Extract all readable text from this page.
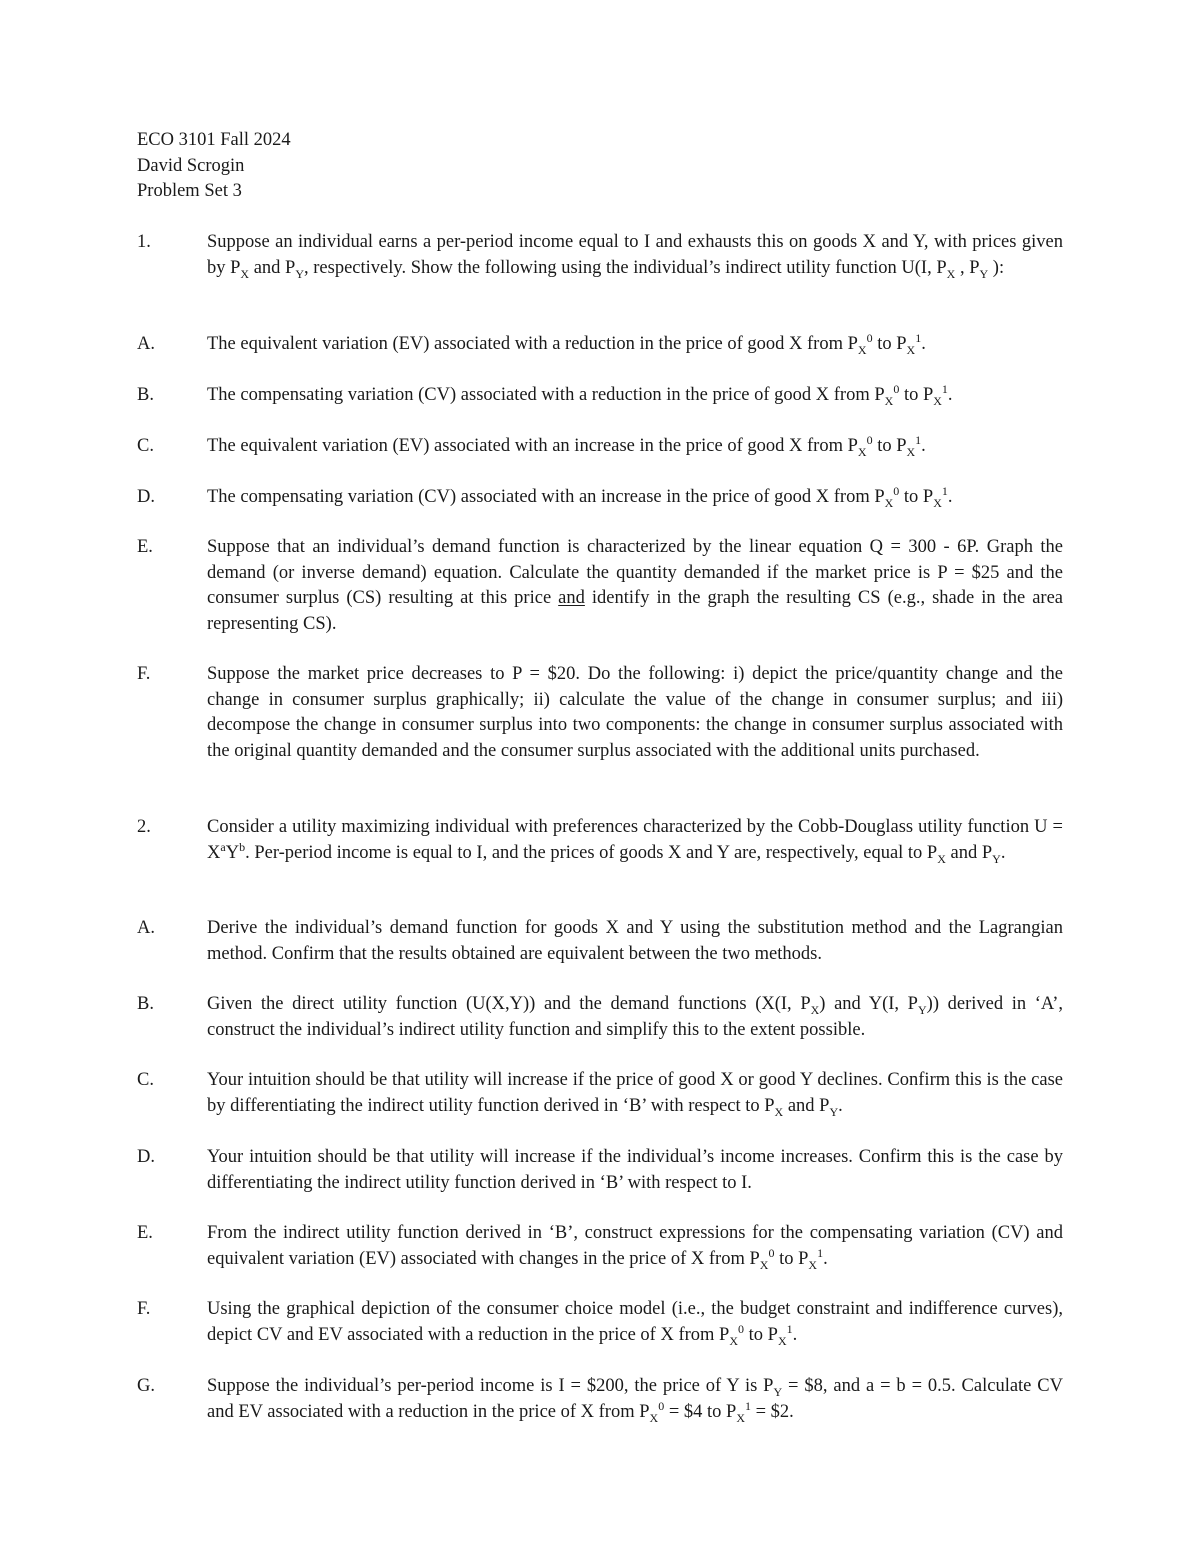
ECO 3101 Fall 2024
David Scrogin
Problem Set 3
1.	Suppose an individual earns a per-period income equal to I and exhausts this on goods X and Y, with prices given by $P_X$ and $P_Y$, respectively. Show the following using the individual’s indirect utility function U(I, $P_X$ , $P_Y$ ):
A.	The equivalent variation (EV) associated with a reduction in the price of good X from $P_X^0$ to $P_X^1$.
B.	The compensating variation (CV) associated with a reduction in the price of good X from $P_X^0$ to $P_X^1$.
C.	The equivalent variation (EV) associated with an increase in the price of good X from $P_X^0$ to $P_X^1$.
D.	The compensating variation (CV) associated with an increase in the price of good X from $P_X^0$ to $P_X^1$.
E.	Suppose that an individual’s demand function is characterized by the linear equation Q = 300 - 6P. Graph the demand (or inverse demand) equation. Calculate the quantity demanded if the market price is P = $25 and the consumer surplus (CS) resulting at this price and identify in the graph the resulting CS (e.g., shade in the area representing CS).
F.	Suppose the market price decreases to P = $20. Do the following: i) depict the price/quantity change and the change in consumer surplus graphically; ii) calculate the value of the change in consumer surplus; and iii) decompose the change in consumer surplus into two components: the change in consumer surplus associated with the original quantity demanded and the consumer surplus associated with the additional units purchased.
2.	Consider a utility maximizing individual with preferences characterized by the Cobb-Douglass utility function $U = X^aY^b$. Per-period income is equal to I, and the prices of goods X and Y are, respectively, equal to $P_X$ and $P_Y$.
A.	Derive the individual’s demand function for goods X and Y using the substitution method and the Lagrangian method. Confirm that the results obtained are equivalent between the two methods.
B.	Given the direct utility function (U(X,Y)) and the demand functions (X(I, $P_X$) and Y(I, $P_Y$)) derived in ‘A’, construct the individual’s indirect utility function and simplify this to the extent possible.
C.	Your intuition should be that utility will increase if the price of good X or good Y declines. Confirm this is the case by differentiating the indirect utility function derived in ‘B’ with respect to $P_X$ and $P_Y$.
D.	Your intuition should be that utility will increase if the individual’s income increases. Confirm this is the case by differentiating the indirect utility function derived in ‘B’ with respect to I.
E.	From the indirect utility function derived in ‘B’, construct expressions for the compensating variation (CV) and equivalent variation (EV) associated with changes in the price of X from $P_X^0$ to $P_X^1$.
F.	Using the graphical depiction of the consumer choice model (i.e., the budget constraint and indifference curves), depict CV and EV associated with a reduction in the price of X from $P_X^0$ to $P_X^1$.
G.	Suppose the individual’s per-period income is I = $200, the price of Y is $P_Y$ = $8, and a = b = 0.5. Calculate CV and EV associated with a reduction in the price of X from $P_X^0$ = $4 to $P_X^1$ = $2.
